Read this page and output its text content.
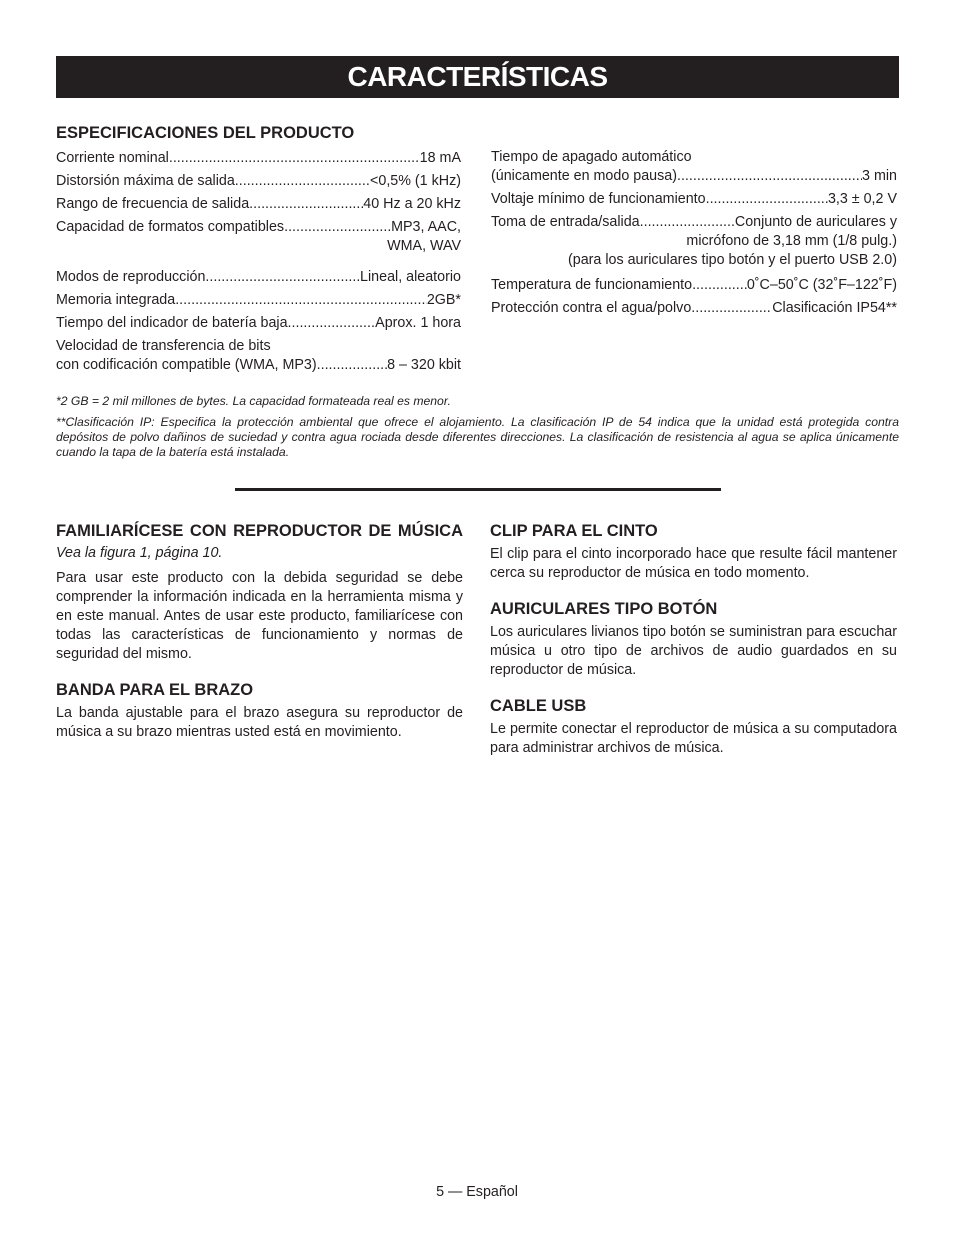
CARACTERÍSTICAS
ESPECIFICACIONES DEL PRODUCTO
Corriente nominal .....	18 mA
Distorsión máxima de salida .....	<0,5% (1 kHz)
Rango de frecuencia de salida .....	40 Hz a 20 kHz
Capacidad de formatos compatibles .....	MP3, AAC,
WMA, WAV
Modos de reproducción .....	Lineal, aleatorio
Memoria integrada .....	2GB*
Tiempo del indicador de batería baja .....	Aprox. 1 hora
Velocidad de transferencia de bits
con codificación compatible (WMA, MP3) .....	8 – 320 kbit
Tiempo de apagado automático
(únicamente en modo pausa) .....	3 min
Voltaje mínimo de funcionamiento .....	3,3 ± 0,2 V
Toma de entrada/salida .....	Conjunto de auriculares y
micrófono de 3,18 mm (1/8 pulg.)
(para los auriculares tipo botón y el puerto USB 2.0)
Temperatura de funcionamiento .....	0˚C–50˚C (32˚F–122˚F)
Protección contra el agua/polvo .....	Clasificación IP54**

*2 GB = 2 mil millones de bytes. La capacidad formateada real es menor.

**Clasificación IP: Especifica la protección ambiental que ofrece el alojamiento. La clasificación IP de 54 indica que la unidad está protegida contra depósitos de polvo dañinos de suciedad y contra agua rociada desde diferentes direcciones. La clasificación de resistencia al agua se aplica únicamente cuando la tapa de la batería está instalada.

FAMILIARÍCESE CON REPRODUCTOR DE MÚSICA

Vea la figura 1, página 10.

Para usar este producto con la debida seguridad se debe comprender la información indicada en la herramienta misma y en este manual. Antes de usar este producto, familiarícese con todas las características de funcionamiento y normas de seguridad del mismo.

BANDA PARA EL BRAZO

La banda ajustable para el brazo asegura su reproductor de música a su brazo mientras usted está en movimiento.

CLIP PARA EL CINTO

El clip para el cinto incorporado hace que resulte fácil mantener cerca su reproductor de música en todo momento.

AURICULARES TIPO BOTÓN

Los auriculares livianos tipo botón se suministran para escuchar música u otro tipo de archivos de audio guardados en su reproductor de música.

CABLE USB

Le permite conectar el reproductor de música a su computadora para administrar archivos de música.

5 — Español
